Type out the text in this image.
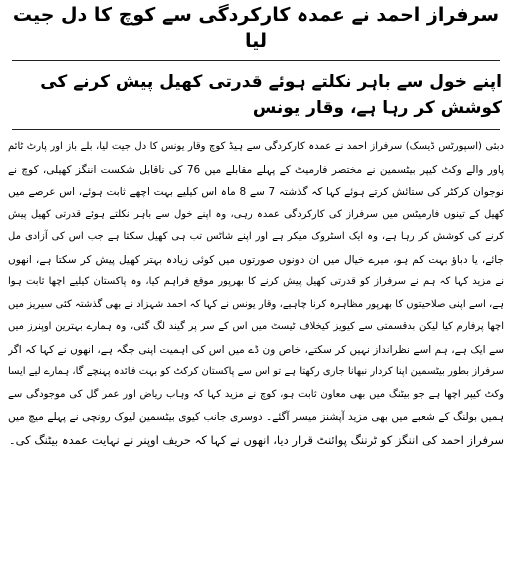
سرفراز احمد نے عمدہ کارکردگی سے کوچ کا دل جیت لیا
اپنے خول سے باہر نکلتے ہوئے قدرتی کھیل پیش کرنے کی کوشش کر رہا ہے، وقار یونس
دبئی (اسپورٹس ڈیسک) سرفراز احمد نے عمدہ کارکردگی سے ہیڈ کوچ وقار یونس کا دل جیت لیا، بلے باز اور پارٹ ٹائم
پاور والے وکٹ کیپر بیٹسمین نے مختصر فارمیٹ کے پہلے مقابلے میں 76 کی ناقابل شکست اننگز کھیلی، کوچ نے
نوجوان کرکٹر کی ستائش کرتے ہوئے کہا کہ گذشتہ 7 سے 8 ماہ اس کیلیے بہت اچھے ثابت ہوئے، اس عرصے میں
کھیل کے تینوں فارمیٹس میں سرفراز کی کارکردگی عمدہ رہی، وہ اپنے خول سے باہر نکلتے ہوئے قدرتی کھیل پیش
کرنے کی کوشش کر رہا ہے، وہ ایک اسٹروک میکر ہے اور اپنے شاٹس تب ہی کھیل سکتا ہے جب اس کی آزادی مل
جائے، یا دباؤ بہت کم ہو، میرے خیال میں ان دونوں صورتوں میں کوئی زیادہ بہتر کھیل پیش کر سکتا ہے، انھوں
نے مزید کہا کہ ہم نے سرفراز کو قدرتی کھیل پیش کرنے کا بھرپور موقع فراہم کیا، وہ پاکستان کیلیے اچھا ثابت ہوا
ہے، اسے اپنی صلاحیتوں کا بھرپور مظاہرہ کرنا چاہیے، وقار یونس نے کہا کہ احمد شہزاد نے بھی گذشتہ کئی سیریز میں
اچھا پرفارم کیا لیکن بدقسمتی سے کیویز کیخلاف ٹیسٹ میں اس کے سر پر گیند لگ گئی، وہ ہمارے بہترین اوپنرز میں
سے ایک ہے، ہم اسے نظرانداز نہیں کر سکتے، خاص ون ڈے میں اس کی اہمیت اپنی جگہ ہے، انھوں نے کہا کہ اگر
سرفراز بطور بیٹسمین اپنا کردار نبھانا جاری رکھتا ہے تو اس سے پاکستان کرکٹ کو بہت فائدہ پہنچے گا، ہمارے لیے ایسا
وکٹ کیپر اچھا ہے جو بیٹنگ میں بھی معاون ثابت ہو، کوچ نے مزید کہا کہ وہاب ریاض اور عمر گل کی موجودگی سے
ہمیں بولنگ کے شعبے میں بھی مزید آپشنز میسر آگئے۔ دوسری جانب کیوی بیٹسمین لیوک رونچی نے پہلے میچ میں
سرفراز احمد کی اننگز کو ٹرننگ پوائنٹ قرار دیا، انھوں نے کہا کہ حریف اوپنر نے نہایت عمدہ بیٹنگ کی۔
